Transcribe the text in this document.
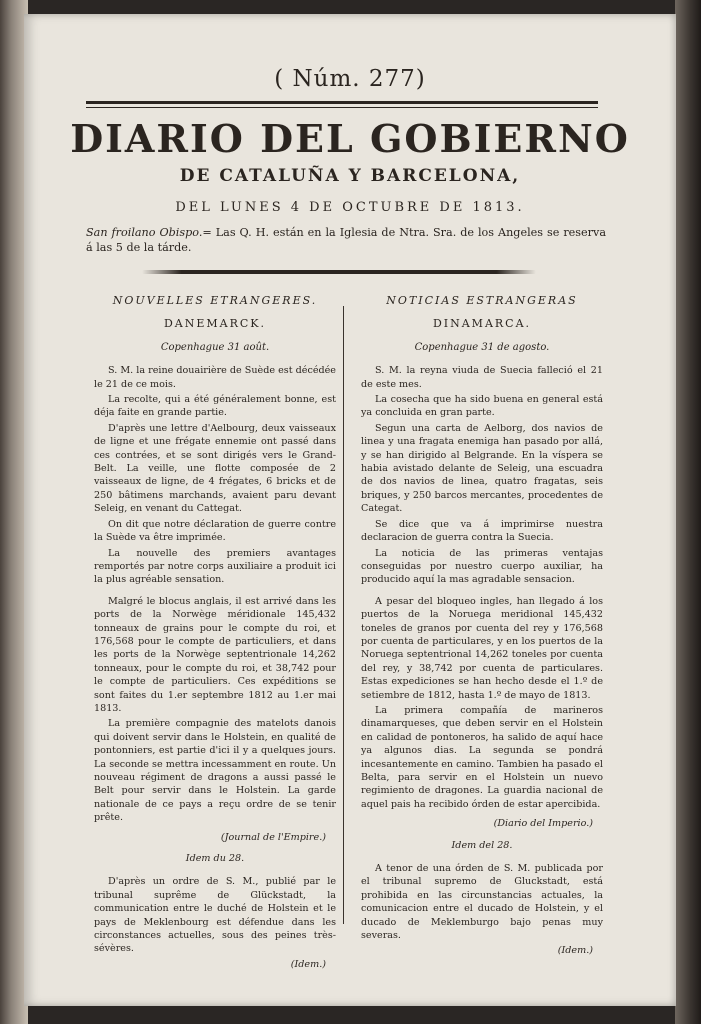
( Núm. 277)
DIARIO DEL GOBIERNO
DE CATALUÑA Y BARCELONA,
DEL LUNES 4 DE OCTUBRE DE 1813.
San froilano Obispo.= Las Q. H. están en la Iglesia de Ntra. Sra. de los Angeles se reserva á las 5 de la tárde.
NOUVELLES ETRANGERES.
DANEMARCK.
Copenhague 31 août.

S. M. la reine douairière de Suède est décédée le 21 de ce mois.

La recolte, qui a été généralement bonne, est déja faite en grande partie.

D'après une lettre d'Aelbourg, deux vaisseaux de ligne et une frégate ennemie ont passé dans ces contrées, et se sont dirigés vers le Grand-Belt. La veille, une flotte composée de 2 vaisseaux de ligne, de 4 frégates, 6 bricks et de 250 bâtimens marchands, avaient paru devant Seleig, en venant du Cattegat.

On dit que notre déclaration de guerre contre la Suède va être imprimée.

La nouvelle des premiers avantages remportés par notre corps auxiliaire a produit ici la plus agréable sensation.

Malgré le blocus anglais, il est arrivé dans les ports de la Norwège méridionale 145,432 tonneaux de grains pour le compte du roi, et 176,568 pour le compte de particuliers, et dans les ports de la Norwège septentrionale 14,262 tonneaux, pour le compte du roi, et 38,742 pour le compte de particuliers. Ces expéditions se sont faites du 1.er septembre 1812 au 1.er mai 1813.

La première compagnie des matelots danois qui doivent servir dans le Holstein, en qualité de pontonniers, est partie d'ici il y a quelques jours. La seconde se mettra incessamment en route. Un nouveau régiment de dragons a aussi passé le Belt pour servir dans le Holstein. La garde nationale de ce pays a reçu ordre de se tenir prête.

(Journal de l'Empire.)
Idem du 28.

D'après un ordre de S. M., publié par le tribunal suprême de Glückstadt, la communication entre le duché de Holstein et le pays de Meklenbourg est défendue dans les circonstances actuelles, sous des peines très-sévères.

(Idem.)
NOTICIAS ESTRANGERAS
DINAMARCA.
Copenhague 31 de agosto.

S. M. la reyna viuda de Suecia falleció el 21 de este mes.

La cosecha que ha sido buena en general está ya concluida en gran parte.

Segun una carta de Aelborg, dos navios de linea y una fragata enemiga han pasado por allá, y se han dirigido al Belgrande. En la víspera se habia avistado delante de Seleig, una escuadra de dos navios de linea, quatro fragatas, seis briques, y 250 barcos mercantes, procedentes de Categat.

Se dice que va á imprimirse nuestra declaracion de guerra contra la Suecia.

La noticia de las primeras ventajas conseguidas por nuestro cuerpo auxiliar, ha producido aquí la mas agradable sensacion.

A pesar del bloqueo ingles, han llegado á los puertos de la Noruega meridional 145,432 toneles de granos por cuenta del rey y 176,568 por cuenta de particulares, y en los puertos de la Noruega septentrional 14,262 toneles por cuenta del rey, y 38,742 por cuenta de particulares. Estas expediciones se han hecho desde el 1.º de setiembre de 1812, hasta 1.º de mayo de 1813.

La primera compañía de marineros dinamarqueses, que deben servir en el Holstein en calidad de pontoneros, ha salido de aquí hace ya algunos dias. La segunda se pondrá incesantemente en camino. Tambien ha pasado el Belta, para servir en el Holstein un nuevo regimiento de dragones. La guardia nacional de aquel pais ha recibido órden de estar apercibida.

(Diario del Imperio.)
Idem del 28.

A tenor de una órden de S. M. publicada por el tribunal supremo de Gluckstadt, está prohibida en las circunstancias actuales, la comunicacion entre el ducado de Holstein, y el ducado de Meklemburgo bajo penas muy severas.

(Idem.)
